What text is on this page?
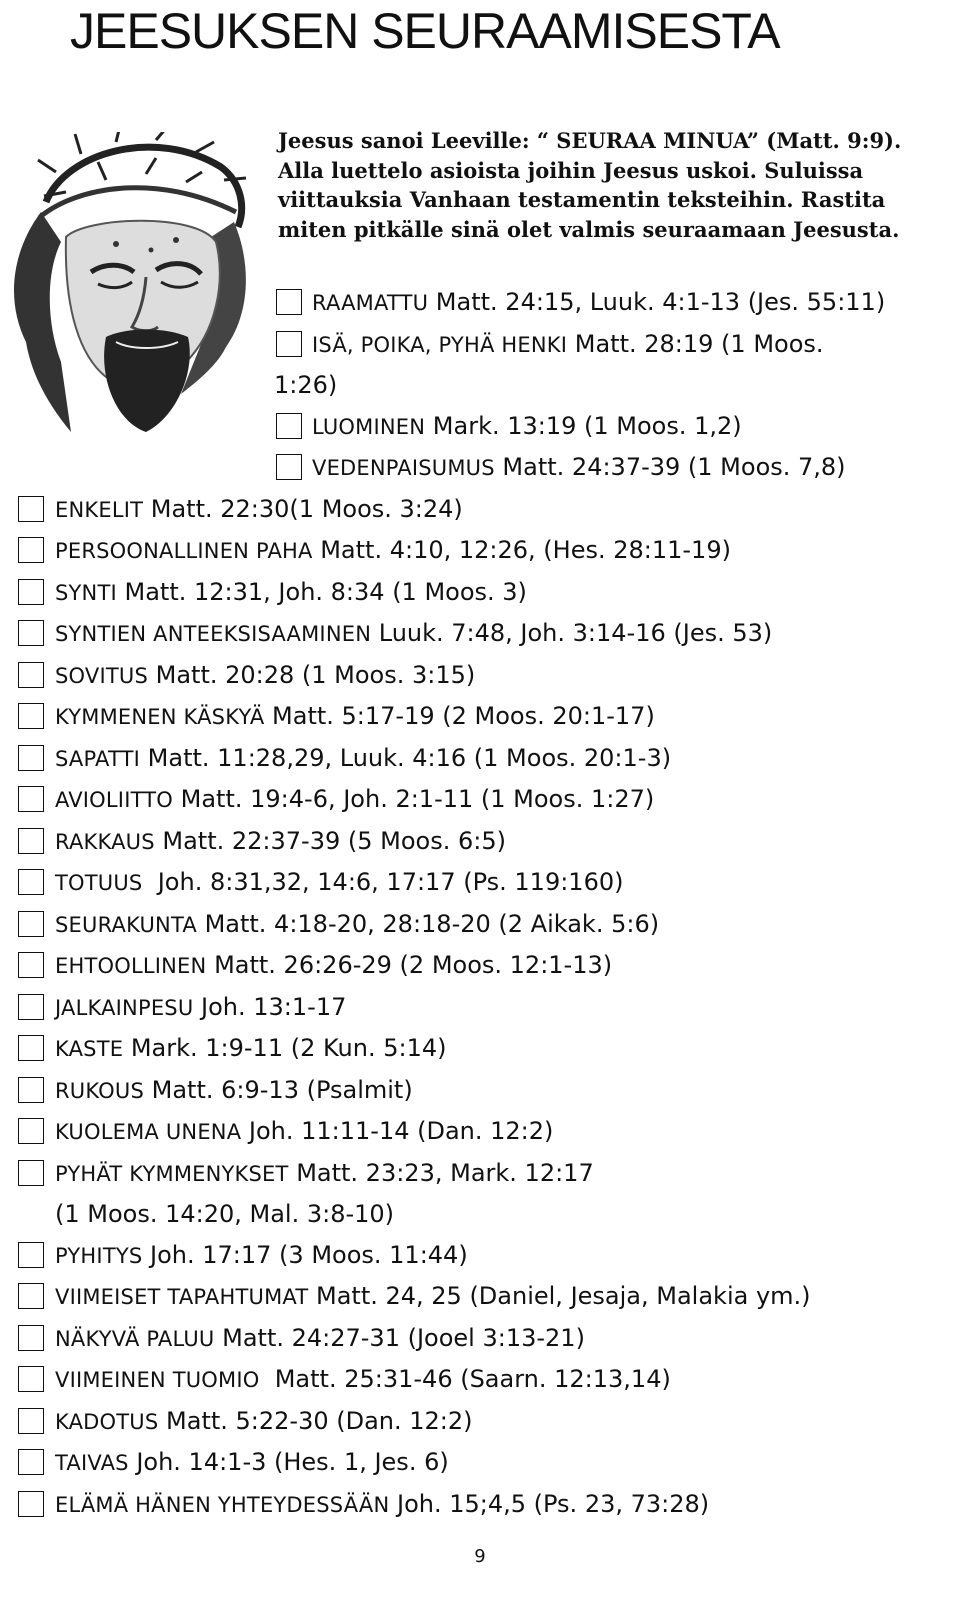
JEESUKSEN SEURAAMISESTA

Jeesus sanoi Leeville: “ SEURAA MINUA” (Matt. 9:9). Alla luettelo asioista joihin Jeesus uskoi. Suluissa viittauksia Vanhaan testamentin teksteihin. Rastita miten pitkälle sinä olet valmis seuraamaan Jeesusta.

RAAMATTU Matt. 24:15, Luuk. 4:1-13 (Jes. 55:11)
ISÄ, POIKA, PYHÄ HENKI Matt. 28:19 (1 Moos.
1:26)
LUOMINEN Mark. 13:19 (1 Moos. 1,2)
VEDENPAISUMUS Matt. 24:37-39 (1 Moos. 7,8)
ENKELIT Matt. 22:30(1 Moos. 3:24)
PERSOONALLINEN PAHA Matt. 4:10, 12:26, (Hes. 28:11-19)
SYNTI Matt. 12:31, Joh. 8:34 (1 Moos. 3)
SYNTIEN ANTEEKSISAAMINEN Luuk. 7:48, Joh. 3:14-16 (Jes. 53)
SOVITUS Matt. 20:28 (1 Moos. 3:15)
KYMMENEN KÄSKYÄ Matt. 5:17-19 (2 Moos. 20:1-17)
SAPATTI Matt. 11:28,29, Luuk. 4:16 (1 Moos. 20:1-3)
AVIOLIITTO Matt. 19:4-6, Joh. 2:1-11 (1 Moos. 1:27)
RAKKAUS Matt. 22:37-39 (5 Moos. 6:5)
TOTUUS  Joh. 8:31,32, 14:6, 17:17 (Ps. 119:160)
SEURAKUNTA Matt. 4:18-20, 28:18-20 (2 Aikak. 5:6)
EHTOOLLINEN Matt. 26:26-29 (2 Moos. 12:1-13)
JALKAINPESU Joh. 13:1-17
KASTE Mark. 1:9-11 (2 Kun. 5:14)
RUKOUS Matt. 6:9-13 (Psalmit)
KUOLEMA UNENA Joh. 11:11-14 (Dan. 12:2)
PYHÄT KYMMENYKSET Matt. 23:23, Mark. 12:17
(1 Moos. 14:20, Mal. 3:8-10)
PYHITYS Joh. 17:17 (3 Moos. 11:44)
VIIMEISET TAPAHTUMAT Matt. 24, 25 (Daniel, Jesaja, Malakia ym.)
NÄKYVÄ PALUU Matt. 24:27-31 (Jooel 3:13-21)
VIIMEINEN TUOMIO  Matt. 25:31-46 (Saarn. 12:13,14)
KADOTUS Matt. 5:22-30 (Dan. 12:2)
TAIVAS Joh. 14:1-3 (Hes. 1, Jes. 6)
ELÄMÄ HÄNEN YHTEYDESSÄÄN Joh. 15;4,5 (Ps. 23, 73:28)
9
